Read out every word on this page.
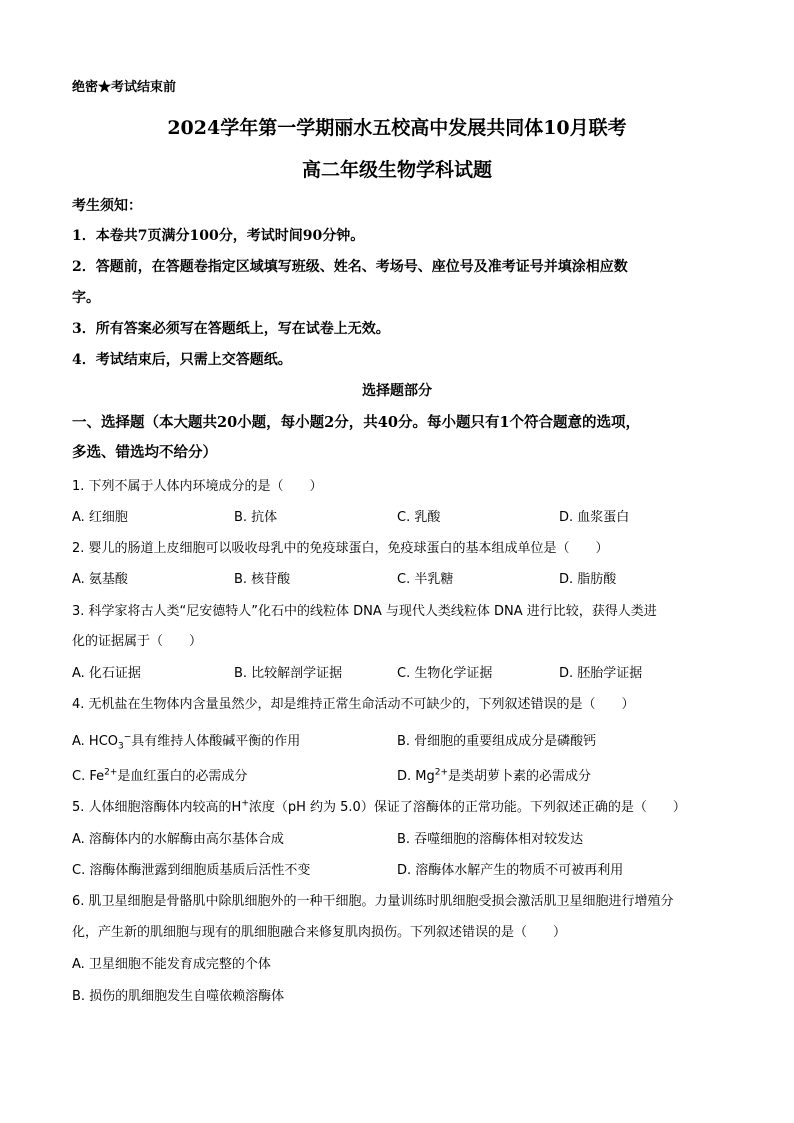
绝密★考试结束前
2024学年第一学期丽水五校高中发展共同体10月联考
高二年级生物学科试题
考生须知：
1．本卷共7页满分100分，考试时间90分钟。
2．答题前，在答题卷指定区域填写班级、姓名、考场号、座位号及准考证号并填涂相应数
字。
3．所有答案必须写在答题纸上，写在试卷上无效。
4．考试结束后，只需上交答题纸。
选择题部分
一、选择题（本大题共20小题，每小题2分，共40分。每小题只有1个符合题意的选项，
多选、错选均不给分）
1. 下列不属于人体内环境成分的是（　　）
A. 红细胞	B. 抗体	C. 乳酸	D. 血浆蛋白
2. 婴儿的肠道上皮细胞可以吸收母乳中的免疫球蛋白，免疫球蛋白的基本组成单位是（　　）
A. 氨基酸	B. 核苷酸	C. 半乳糖	D. 脂肪酸
3. 科学家将古人类“尼安德特人”化石中的线粒体 DNA 与现代人类线粒体 DNA 进行比较，获得人类进
化的证据属于（　　）
A. 化石证据	B. 比较解剖学证据	C. 生物化学证据	D. 胚胎学证据
4. 无机盐在生物体内含量虽然少，却是维持正常生命活动不可缺少的，下列叙述错误的是（　　）
A. $HCO_3^-$具有维持人体酸碱平衡的作用	B. 骨细胞的重要组成成分是磷酸钙
C. $Fe^{2+}$是血红蛋白的必需成分	D. $Mg^{2+}$是类胡萝卜素的必需成分
5. 人体细胞溶酶体内较高的H+浓度（pH 约为 5.0）保证了溶酶体的正常功能。下列叙述正确的是（　　）
A. 溶酶体内的水解酶由高尔基体合成	B. 吞噬细胞的溶酶体相对较发达
C. 溶酶体酶泄露到细胞质基质后活性不变	D. 溶酶体水解产生的物质不可被再利用
6. 肌卫星细胞是骨骼肌中除肌细胞外的一种干细胞。力量训练时肌细胞受损会激活肌卫星细胞进行增殖分
化，产生新的肌细胞与现有的肌细胞融合来修复肌肉损伤。下列叙述错误的是（　　）
A. 卫星细胞不能发育成完整的个体
B. 损伤的肌细胞发生自噬依赖溶酶体
